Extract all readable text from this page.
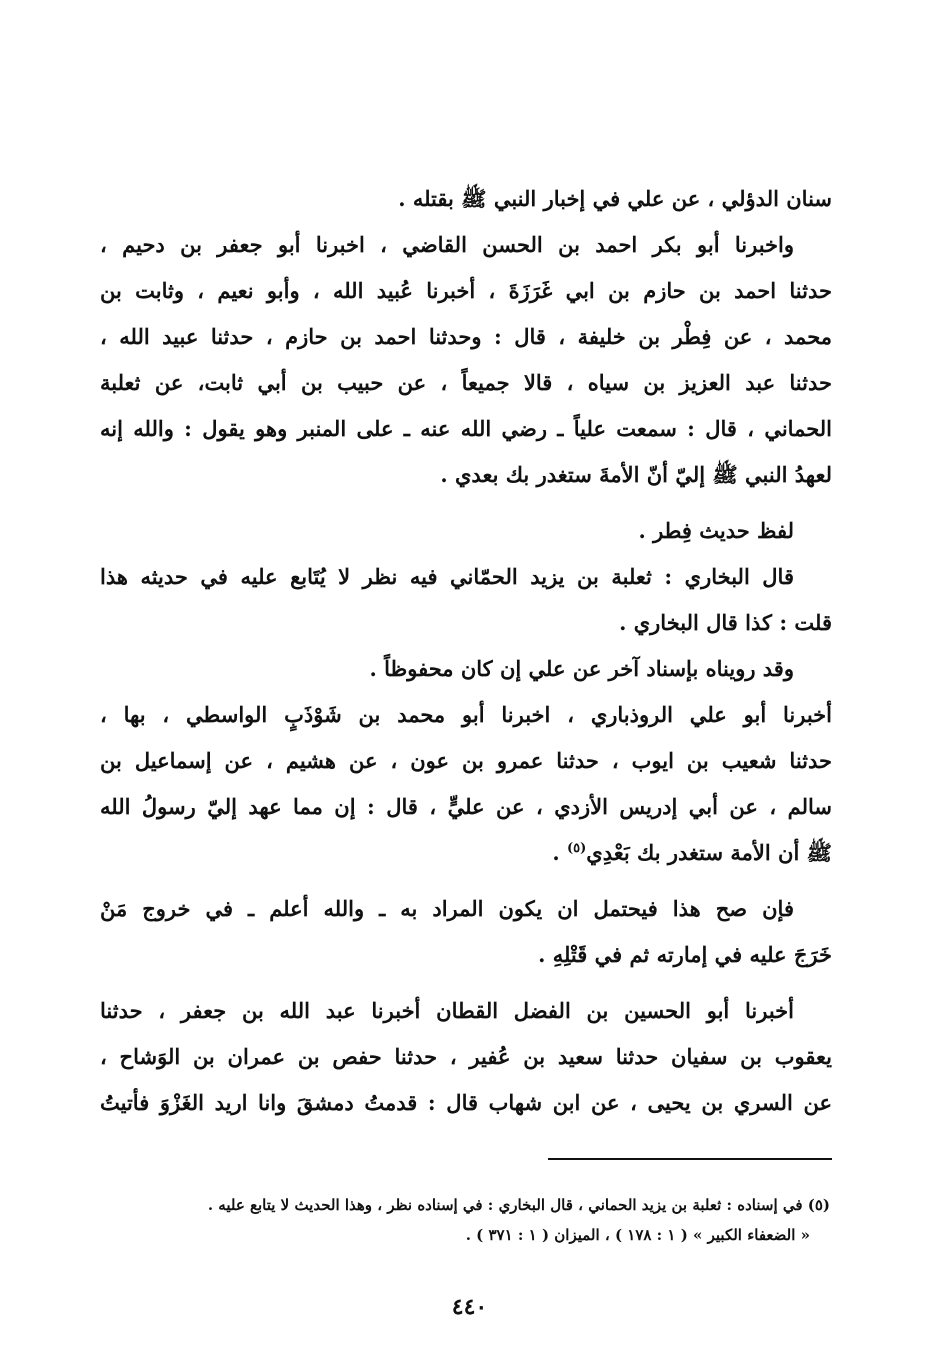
سنان الدؤلي ، عن علي في إخبار النبي ﷺ بقتله .
واخبرنا أبو بكر احمد بن الحسن القاضي ، اخبرنا أبو جعفر بن دحيم ،
حدثنا احمد بن حازم بن ابي غَرَزَةَ ، أخبرنا عُبيد الله ، وأبو نعيم ، وثابت بن
محمد ، عن فِطْر بن خليفة ، قال : وحدثنا احمد بن حازم ، حدثنا عبيد الله ،
حدثنا عبد العزيز بن سياه ، قالا جميعاً ، عن حبيب بن أبي ثابت، عن ثعلبة
الحماني ، قال : سمعت علياً ـ رضي الله عنه ـ على المنبر وهو يقول : والله إنه
لعهدُ النبي ﷺ إليّ أنّ الأمةَ ستغدر بك بعدي .
لفظ حديث فِطر .
قال البخاري : ثعلبة بن يزيد الحمّاني فيه نظر لا يُتَابع عليه في حديثه هذا
قلت : كذا قال البخاري .
وقد رويناه بإسناد آخر عن علي إن كان محفوظاً .
أخبرنا أبو علي الروذباري ، اخبرنا أبو محمد بن شَوْذَبٍ الواسطي ، بها ،
حدثنا شعيب بن ايوب ، حدثنا عمرو بن عون ، عن هشيم ، عن إسماعيل بن
سالم ، عن أبي إدريس الأزدي ، عن عليٍّ ، قال : إن مما عهد إليّ رسولُ الله
ﷺ أن الأمة ستغدر بك بَعْدِي$^{(٥)}$ .
فإن صح هذا فيحتمل ان يكون المراد به ـ والله أعلم ـ في خروج مَنْ
خَرَجَ عليه في إمارته ثم في قَتْلِهِ .
أخبرنا أبو الحسين بن الفضل القطان أخبرنا عبد الله بن جعفر ، حدثنا
يعقوب بن سفيان حدثنا سعيد بن عُفير ، حدثنا حفص بن عمران بن الوَشاح ،
عن السري بن يحيى ، عن ابن شهاب قال : قدمتُ دمشقَ وانا اريد الغَزْوَ فأتيتُ
(٥) في إسناده : ثعلبة بن يزيد الحماني ، قال البخاري : في إسناده نظر ، وهذا الحديث لا يتابع عليه .
« الضعفاء الكبير » ( ١ : ١٧٨ ) ، الميزان ( ١ : ٣٧١ ) .
٤٤٠
